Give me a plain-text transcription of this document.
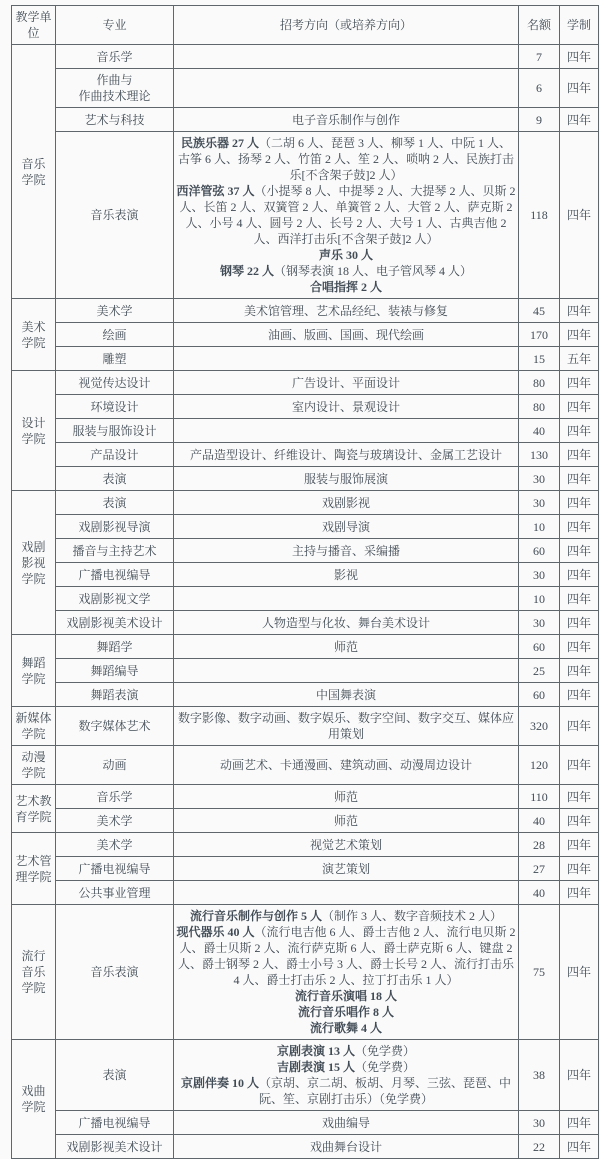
教学单位	专业	招考方向（或培养方向）	名额	学制
音乐
学院	音乐学		7	四年
	作曲与
作曲技术理论		6	四年
	艺术与科技	电子音乐制作与创作	9	四年
	音乐表演	民族乐器 27 人（二胡 6 人、琵琶 3 人、柳琴 1 人、中阮 1 人、古筝 6 人、扬琴 2 人、竹笛 2 人、笙 2 人、唢呐 2 人、民族打击乐[不含架子鼓]2 人）
西洋管弦 37 人（小提琴 8 人、中提琴 2 人、大提琴 2 人、贝斯 2 人、长笛 2 人、双簧管 2 人、单簧管 2 人、大管 2 人、萨克斯 2 人、小号 4 人、圆号 2 人、长号 2 人、大号 1 人、古典吉他 2 人、西洋打击乐[不含架子鼓]2 人）
声乐 30 人
钢琴 22 人（钢琴表演 18 人、电子管风琴 4 人）
合唱指挥 2 人	118	四年
美术
学院	美术学	美术馆管理、艺术品经纪、装裱与修复	45	四年
	绘画	油画、版画、国画、现代绘画	170	四年
	雕塑		15	五年
设计
学院	视觉传达设计	广告设计、平面设计	80	四年
	环境设计	室内设计、景观设计	80	四年
	服装与服饰设计		40	四年
	产品设计	产品造型设计、纤维设计、陶瓷与玻璃设计、金属工艺设计	130	四年
	表演	服装与服饰展演	30	四年
戏剧
影视
学院	表演	戏剧影视	30	四年
	戏剧影视导演	戏剧导演	10	四年
	播音与主持艺术	主持与播音、采编播	60	四年
	广播电视编导	影视	30	四年
	戏剧影视文学		10	四年
	戏剧影视美术设计	人物造型与化妆、舞台美术设计	30	四年
舞蹈
学院	舞蹈学	师范	60	四年
	舞蹈编导		25	四年
	舞蹈表演	中国舞表演	60	四年
新媒体
学院	数字媒体艺术	数字影像、数字动画、数字娱乐、数字空间、数字交互、媒体应用策划	320	四年
动漫
学院	动画	动画艺术、卡通漫画、建筑动画、动漫周边设计	120	四年
艺术教
育学院	音乐学	师范	110	四年
	美术学	师范	40	四年
艺术管
理学院	美术学	视觉艺术策划	28	四年
	广播电视编导	演艺策划	27	四年
	公共事业管理		40	四年
流行
音乐
学院	音乐表演	
流行音乐制作与创作 5 人（制作 3 人、数字音频技术 2 人）
现代器乐 40 人（流行电吉他 6 人、爵士吉他 2 人、流行电贝斯 2 人、爵士贝斯 2 人、流行萨克斯 6 人、爵士萨克斯 6 人、键盘 2 人、爵士钢琴 2 人、爵士小号 3 人、爵士长号 2 人、流行打击乐 4 人、爵士打击乐 2 人、拉丁打击乐 1 人）
流行音乐演唱 18 人
流行音乐唱作 8 人
流行歌舞 4 人
	75	四年
戏曲
学院	表演	
京剧表演 13 人（免学费）
吉剧表演 15 人（免学费）
京剧伴奏 10 人（京胡、京二胡、板胡、月琴、三弦、琵琶、中阮、笙、京剧打击乐）（免学费）
	38	四年
	广播电视编导	戏曲编导	30	四年
	戏剧影视美术设计	戏曲舞台设计	22	四年
